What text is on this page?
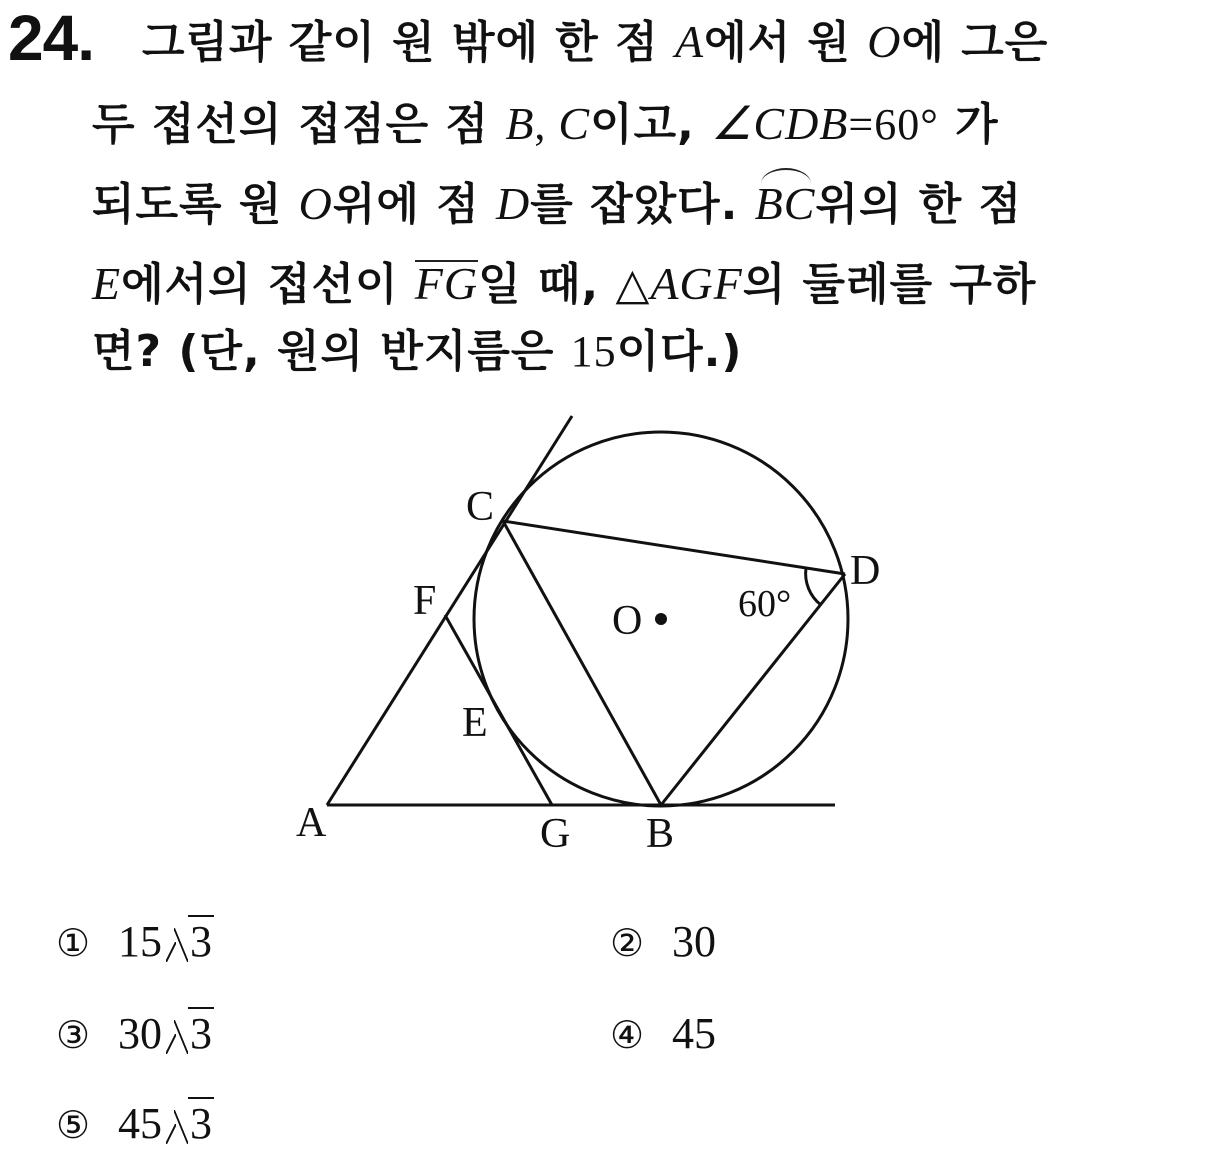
24. 그림과 같이 원 밖에 한 점 A에서 원 O에 그은
두 접선의 접점은 점 B, C이고, ∠CDB=60° 가
되도록 원 O위에 점 D를 잡았다. BC위의 한 점
E에서의 접선이 FG일 때, △AGF의 둘레를 구하
면? (단, 원의 반지름은 15이다.)
A	G B
C
D
F
E
O	60°
① 15 3	② 30
③ 30 3	④ 45
⑤ 45 3
